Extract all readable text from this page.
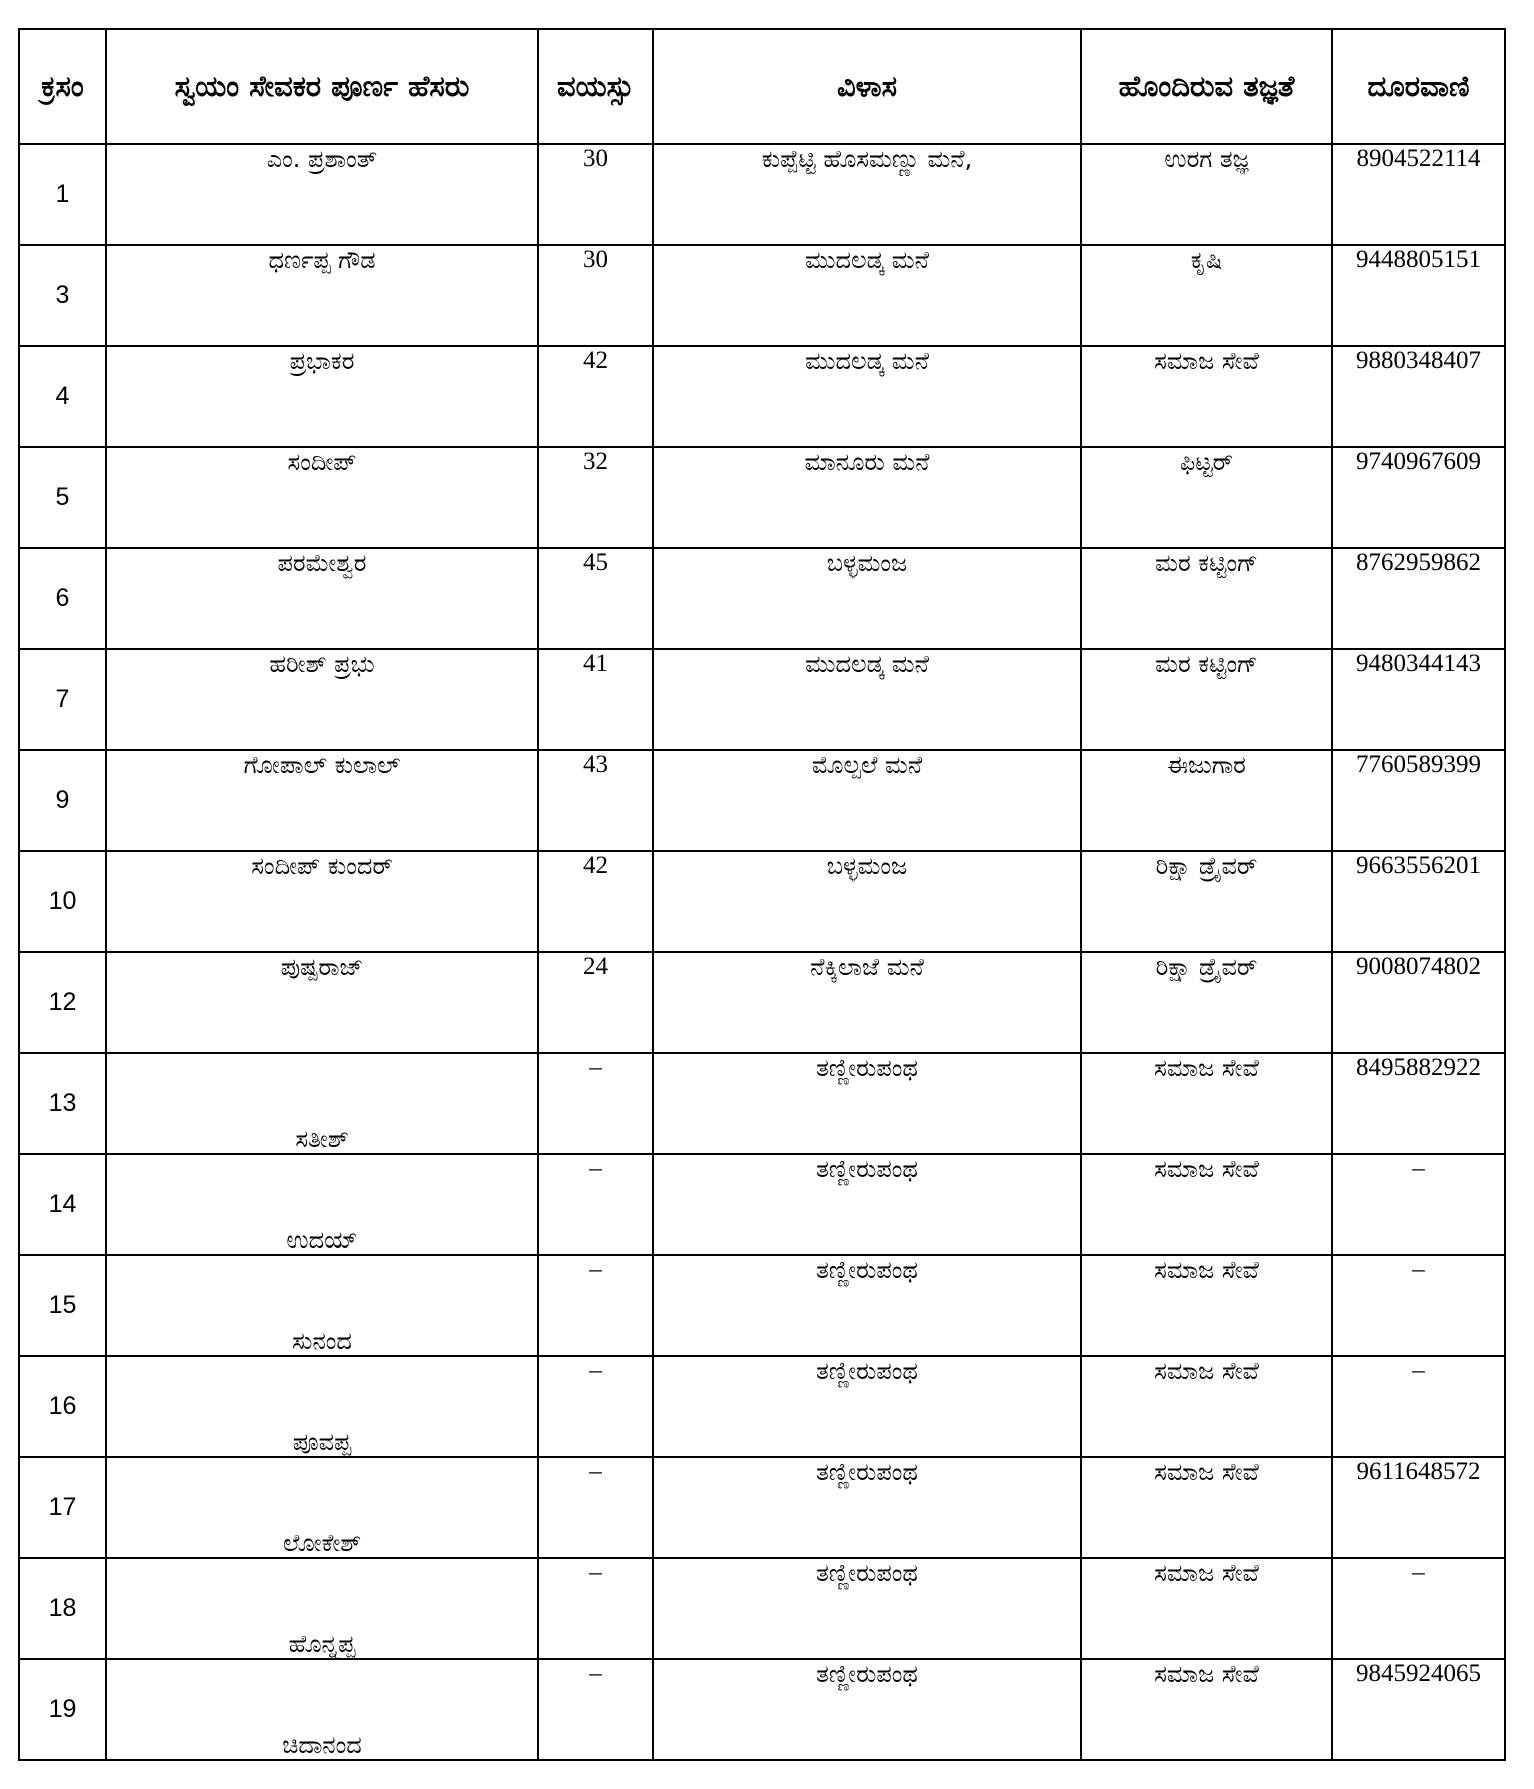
ಕ್ರಸಂ	ಸ್ವಯಂ ಸೇವಕರ ಪೂರ್ಣ ಹೆಸರು	ವಯಸ್ಸು	ವಿಳಾಸ	ಹೊಂದಿರುವ ತಜ್ಞತೆ	ದೂರವಾಣಿ
1	ಎಂ. ಪ್ರಶಾಂತ್	30	ಕುಪ್ಪೆಟ್ಟಿ ಹೊಸಮಣ್ಣು ಮನೆ,	ಉರಗ ತಜ್ಞ	8904522114
3	ಧರ್ಣಪ್ಪ ಗೌಡ	30	ಮುದಲಡ್ಕ ಮನೆ	ಕೃಷಿ	9448805151
4	ಪ್ರಭಾಕರ	42	ಮುದಲಡ್ಕ ಮನೆ	ಸಮಾಜ ಸೇವೆ	9880348407
5	ಸಂದೀಪ್	32	ಮಾನೂರು ಮನೆ	ಫಿಟ್ಟರ್	9740967609
6	ಪರಮೇಶ್ವರ	45	ಬಳ್ಳಮಂಜ	ಮರ ಕಟ್ಟಿಂಗ್	8762959862
7	ಹರೀಶ್ ಪ್ರಭು	41	ಮುದಲಡ್ಕ ಮನೆ	ಮರ ಕಟ್ಟಿಂಗ್	9480344143
9	ಗೋಪಾಲ್ ಕುಲಾಲ್	43	ಮೊಲ್ಪಲೆ ಮನೆ	ಈಜುಗಾರ	7760589399
10	ಸಂದೀಪ್ ಕುಂದರ್	42	ಬಳ್ಳಮಂಜ	ರಿಕ್ಷಾ ಡ್ರೈವರ್	9663556201
12	ಪುಷ್ಪರಾಜ್	24	ನೆಕ್ಕಿಲಾಜೆ ಮನೆ	ರಿಕ್ಷಾ ಡ್ರೈವರ್	9008074802
13	ಸತೀಶ್	–	ತಣ್ಣೀರುಪಂಥ	ಸಮಾಜ ಸೇವೆ	8495882922
14	ಉದಯ್	–	ತಣ್ಣೀರುಪಂಥ	ಸಮಾಜ ಸೇವೆ	–
15	ಸುನಂದ	–	ತಣ್ಣೀರುಪಂಥ	ಸಮಾಜ ಸೇವೆ	–
16	ಪೂವಪ್ಪ	–	ತಣ್ಣೀರುಪಂಥ	ಸಮಾಜ ಸೇವೆ	–
17	ಲೋಕೇಶ್	–	ತಣ್ಣೀರುಪಂಥ	ಸಮಾಜ ಸೇವೆ	9611648572
18	ಹೊನ್ನಪ್ಪ	–	ತಣ್ಣೀರುಪಂಥ	ಸಮಾಜ ಸೇವೆ	–
19	ಚಿದಾನಂದ	–	ತಣ್ಣೀರುಪಂಥ	ಸಮಾಜ ಸೇವೆ	9845924065
